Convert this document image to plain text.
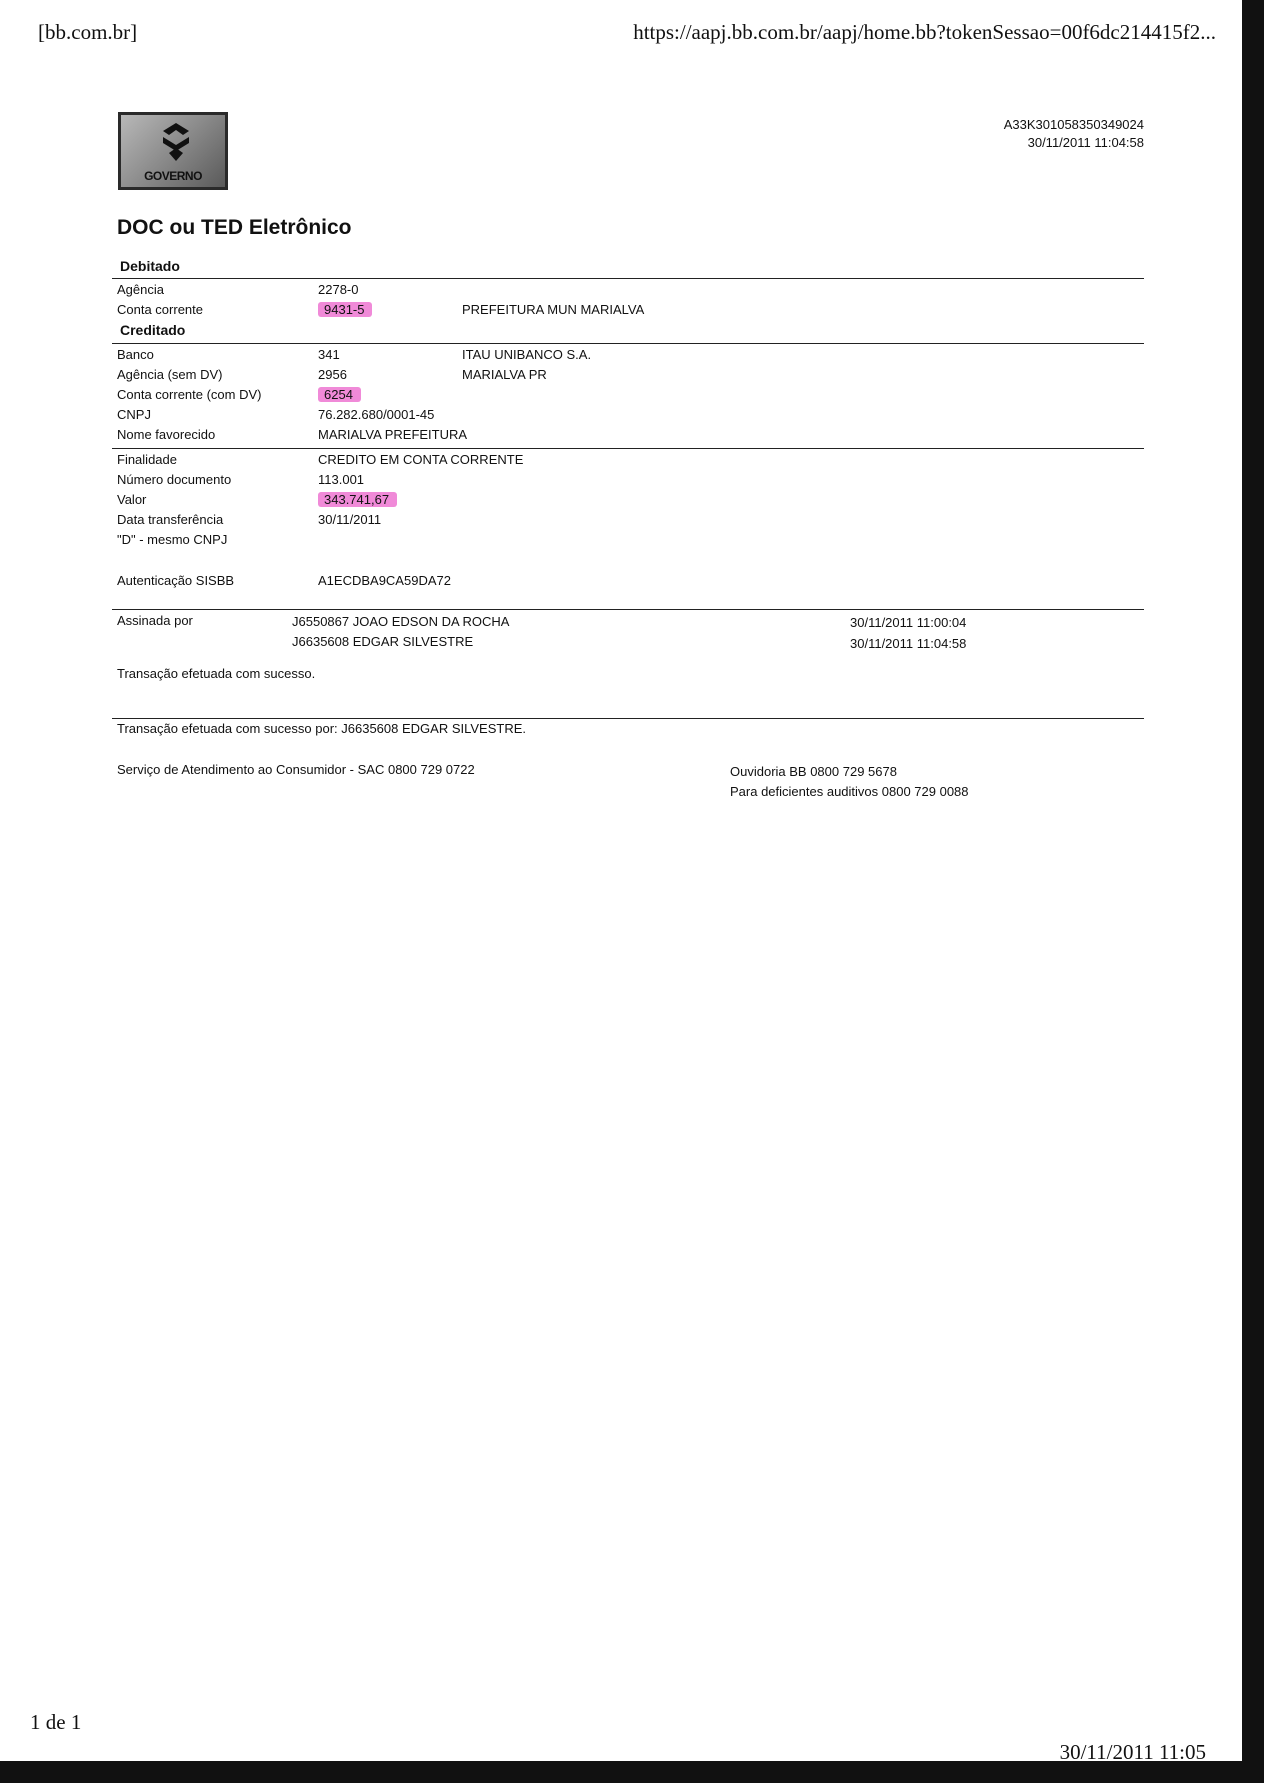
[bb.com.br]	https://aapj.bb.com.br/aapj/home.bb?tokenSessao=00f6dc214415f2...
GOVERNO
A33K301058350349024
30/11/2011 11:04:58
DOC ou TED Eletrônico
Debitado
Agência	2278-0
Conta corrente	9431-5	PREFEITURA MUN MARIALVA
Creditado
Banco	341	ITAU UNIBANCO S.A.
Agência (sem DV)	2956	MARIALVA PR
Conta corrente (com DV)	6254
CNPJ	76.282.680/0001-45
Nome favorecido	MARIALVA PREFEITURA
Finalidade	CREDITO EM CONTA CORRENTE
Número documento	113.001
Valor	343.741,67
Data transferência	30/11/2011
"D" - mesmo CNPJ
Autenticação SISBB	A1ECDBA9CA59DA72
Assinada por	J6550867 JOAO EDSON DA ROCHA	30/11/2011 11:00:04
J6635608 EDGAR SILVESTRE	30/11/2011 11:04:58
Transação efetuada com sucesso.
Transação efetuada com sucesso por: J6635608 EDGAR SILVESTRE.
Serviço de Atendimento ao Consumidor - SAC 0800 729 0722	Ouvidoria BB 0800 729 5678
Para deficientes auditivos 0800 729 0088
1 de 1
30/11/2011 11:05
